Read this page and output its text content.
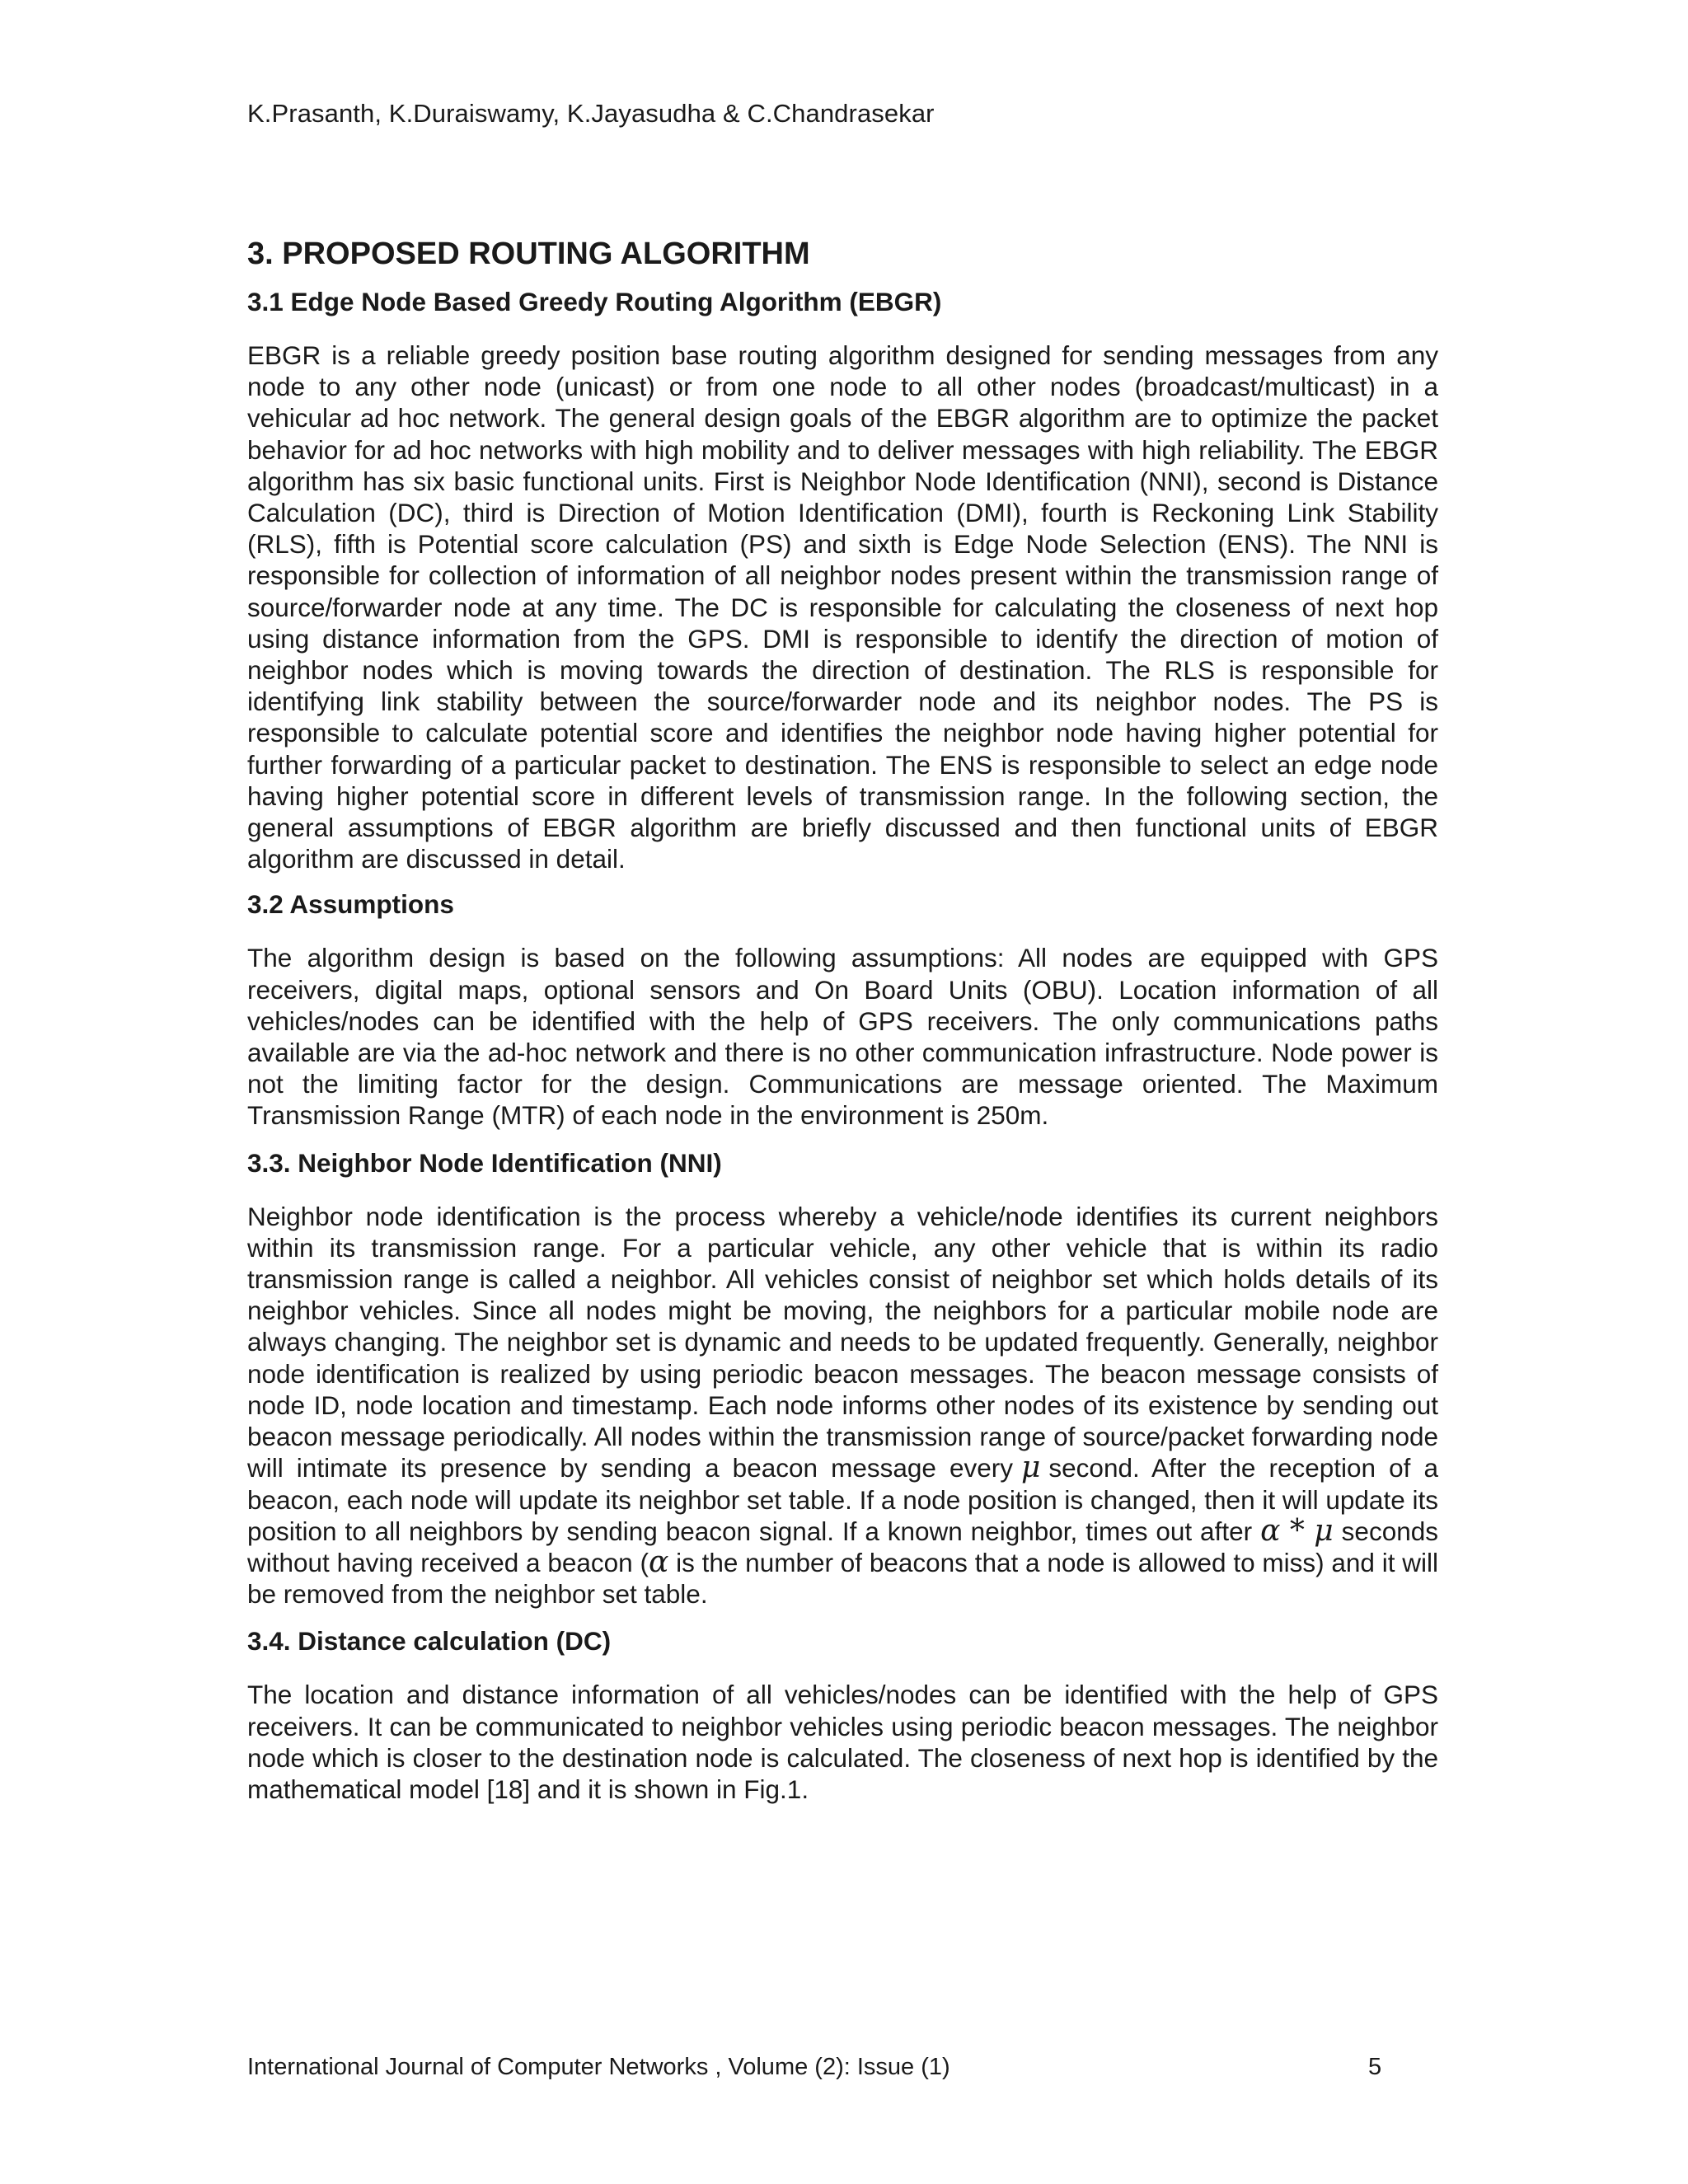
K.Prasanth, K.Duraiswamy, K.Jayasudha & C.Chandrasekar
3. PROPOSED ROUTING ALGORITHM
3.1 Edge Node Based Greedy Routing Algorithm (EBGR)

EBGR is a reliable greedy position base routing algorithm designed for sending messages from any node to any other node (unicast) or from one node to all other nodes (broadcast/multicast) in a vehicular ad hoc network. The general design goals of the EBGR algorithm are to optimize the packet behavior for ad hoc networks with high mobility and to deliver messages with high reliability. The EBGR algorithm has six basic functional units. First is Neighbor Node Identification (NNI), second is Distance Calculation (DC), third is Direction of Motion Identification (DMI), fourth is Reckoning Link Stability (RLS), fifth is Potential score calculation (PS) and sixth is Edge Node Selection (ENS). The NNI is responsible for collection of information of all neighbor nodes present within the transmission range of source/forwarder node at any time. The DC is responsible for calculating the closeness of next hop using distance information from the GPS. DMI is responsible to identify the direction of motion of neighbor nodes which is moving towards the direction of destination. The RLS is responsible for identifying link stability between the source/forwarder node and its neighbor nodes. The PS is responsible to calculate potential score and identifies the neighbor node having higher potential for further forwarding of a particular packet to destination. The ENS is responsible to select an edge node having higher potential score in different levels of transmission range. In the following section, the general assumptions of EBGR algorithm are briefly discussed and then functional units of EBGR algorithm are discussed in detail.

3.2 Assumptions

The algorithm design is based on the following assumptions: All nodes are equipped with GPS receivers, digital maps, optional sensors and On Board Units (OBU). Location information of all vehicles/nodes can be identified with the help of GPS receivers. The only communications paths available are via the ad-hoc network and there is no other communication infrastructure. Node power is not the limiting factor for the design. Communications are message oriented. The Maximum Transmission Range (MTR) of each node in the environment is 250m.

3.3. Neighbor Node Identification (NNI)

Neighbor node identification is the process whereby a vehicle/node identifies its current neighbors within its transmission range. For a particular vehicle, any other vehicle that is within its radio transmission range is called a neighbor. All vehicles consist of neighbor set which holds details of its neighbor vehicles. Since all nodes might be moving, the neighbors for a particular mobile node are always changing. The neighbor set is dynamic and needs to be updated frequently. Generally, neighbor node identification is realized by using periodic beacon messages. The beacon message consists of node ID, node location and timestamp. Each node informs other nodes of its existence by sending out beacon message periodically. All nodes within the transmission range of source/packet forwarding node will intimate its presence by sending a beacon message every μ second. After the reception of a beacon, each node will update its neighbor set table. If a node position is changed, then it will update its position to all neighbors by sending beacon signal. If a known neighbor, times out after α * μ seconds without having received a beacon (α is the number of beacons that a node is allowed to miss) and it will be removed from the neighbor set table.

3.4. Distance calculation (DC)

The location and distance information of all vehicles/nodes can be identified with the help of GPS receivers. It can be communicated to neighbor vehicles using periodic beacon messages. The neighbor node which is closer to the destination node is calculated. The closeness of next hop is identified by the mathematical model [18] and it is shown in Fig.1.

International Journal of Computer Networks , Volume (2): Issue (1)	5
